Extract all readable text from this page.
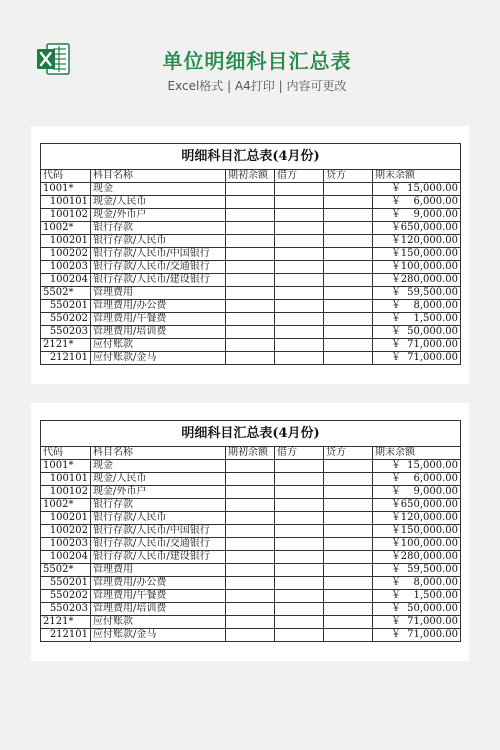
单位明细科目汇总表
Excel格式 | A4打印 | 内容可更改
明细科目汇总表(4月份)					
代码	科目名称	期初余额	借方	贷方	期末余额
1001*	现金				￥ 15,000.00

100101	现金/人民币				￥ 6,000.00

100102	现金/外币户				￥ 9,000.00

1002*	银行存款				￥ 650,000.00

100201	银行存款/人民币				￥ 120,000.00

100202	银行存款/人民币/中国银行				￥ 150,000.00

100203	银行存款/人民币/交通银行				￥ 100,000.00

100204	银行存款/人民币/建设银行				￥ 280,000.00

5502*	管理费用				￥ 59,500.00

550201	管理费用/办公费				￥ 8,000.00

550202	管理费用/午餐费				￥ 1,500.00

550203	管理费用/培训费				￥ 50,000.00

2121*	应付账款				￥ 71,000.00

212101	应付账款/金马				￥ 71,000.00
明细科目汇总表(4月份)					
代码	科目名称	期初余额	借方	贷方	期末余额
1001*	现金				￥ 15,000.00

100101	现金/人民币				￥ 6,000.00

100102	现金/外币户				￥ 9,000.00

1002*	银行存款				￥ 650,000.00

100201	银行存款/人民币				￥ 120,000.00

100202	银行存款/人民币/中国银行				￥ 150,000.00

100203	银行存款/人民币/交通银行				￥ 100,000.00

100204	银行存款/人民币/建设银行				￥ 280,000.00

5502*	管理费用				￥ 59,500.00

550201	管理费用/办公费				￥ 8,000.00

550202	管理费用/午餐费				￥ 1,500.00

550203	管理费用/培训费				￥ 50,000.00

2121*	应付账款				￥ 71,000.00

212101	应付账款/金马				￥ 71,000.00
